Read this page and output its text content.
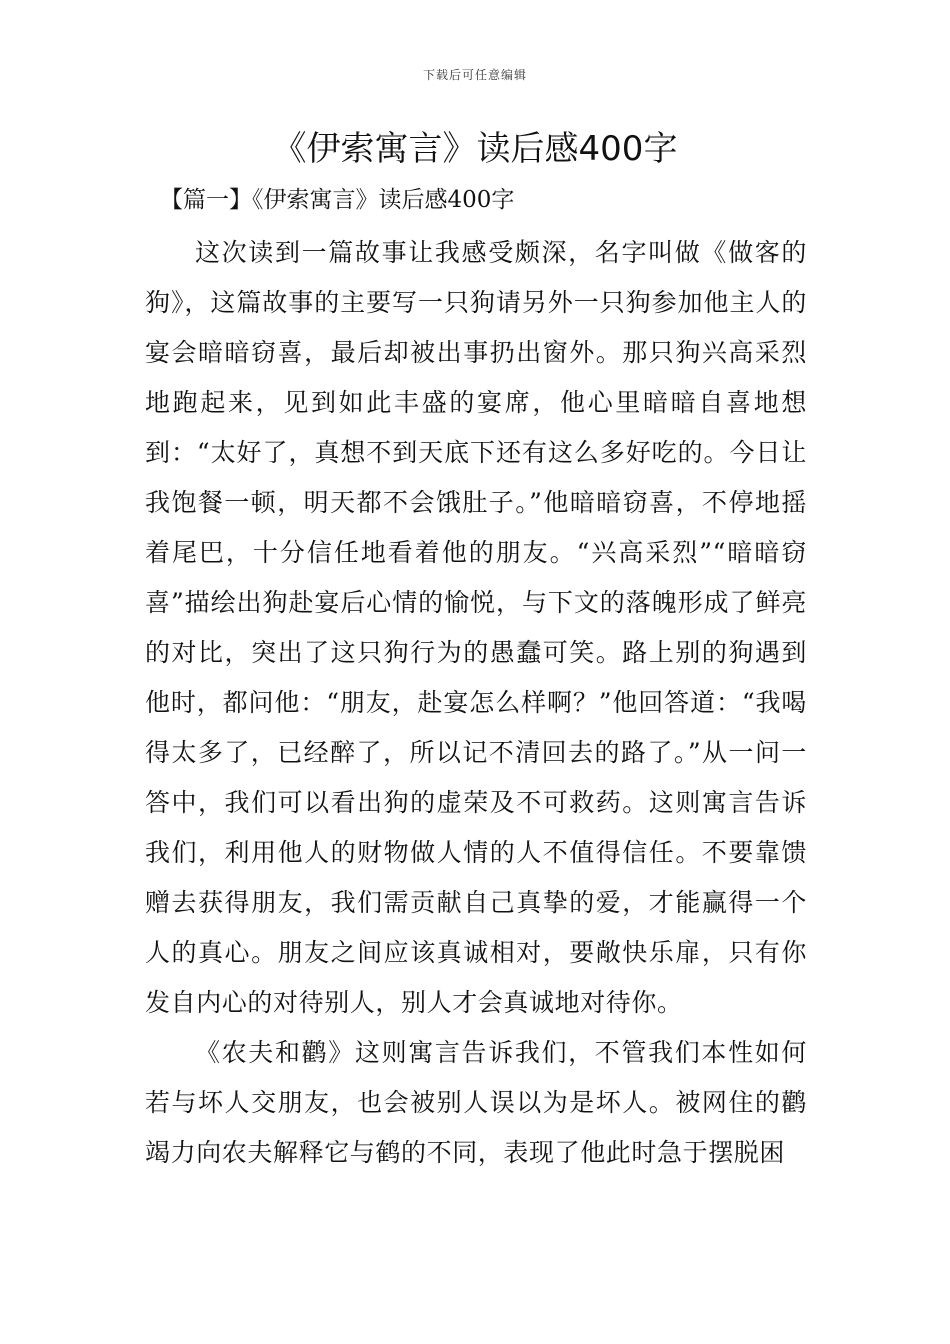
下载后可任意编辑
《伊索寓言》读后感400字
【篇一】《伊索寓言》读后感400字

这次读到一篇故事让我感受颇深，名字叫做《做客的狗》，这篇故事的主要写一只狗请另外一只狗参加他主人的宴会暗暗窃喜，最后却被出事扔出窗外。那只狗兴高采烈地跑起来，见到如此丰盛的宴席，他心里暗暗自喜地想到：“太好了，真想不到天底下还有这么多好吃的。今日让我饱餐一顿，明天都不会饿肚子。”他暗暗窃喜，不停地摇着尾巴，十分信任地看着他的朋友。“兴高采烈”“暗暗窃喜”描绘出狗赴宴后心情的愉悦，与下文的落魄形成了鲜亮的对比，突出了这只狗行为的愚蠢可笑。路上别的狗遇到他时，都问他：“朋友，赴宴怎么样啊？”他回答道：“我喝得太多了，已经醉了，所以记不清回去的路了。”从一问一答中，我们可以看出狗的虚荣及不可救药。这则寓言告诉我们，利用他人的财物做人情的人不值得信任。不要靠馈赠去获得朋友，我们需贡献自己真挚的爱，才能赢得一个人的真心。朋友之间应该真诚相对，要敞快乐扉，只有你发自内心的对待别人，别人才会真诚地对待你。

《农夫和鹳》这则寓言告诉我们，不管我们本性如何若与坏人交朋友，也会被别人误以为是坏人。被网住的鹳竭力向农夫解释它与鹤的不同，表现了他此时急于摆脱困
